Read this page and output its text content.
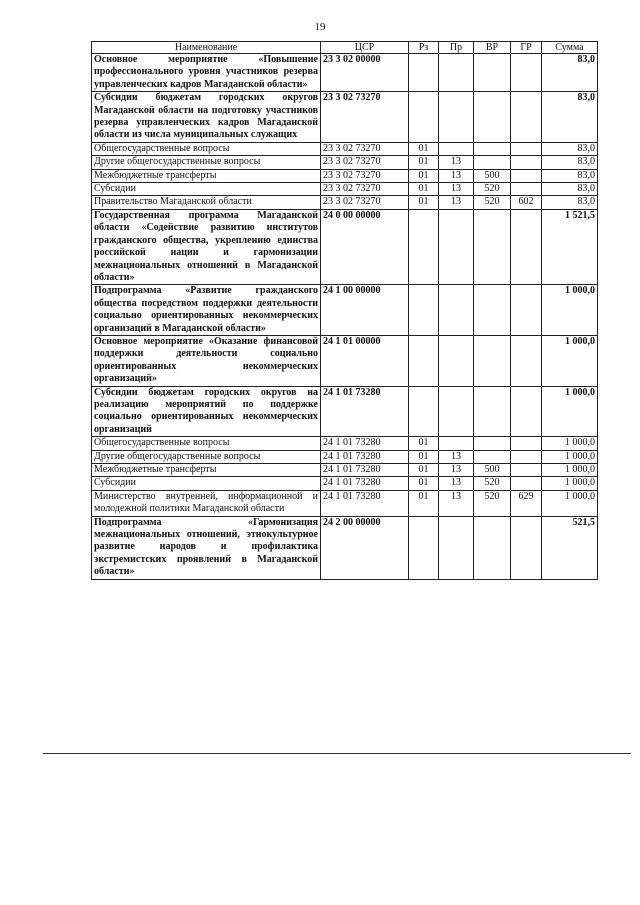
19
Наименование	ЦСР	Рз	Пр	ВР	ГР	Сумма
Основное мероприятие «Повышение профессионального уровня участников резерва управленческих кадров Магаданской области»	23 3 02 00000					83,0
Субсидии бюджетам городских округов Магаданской области на подготовку участников резерва управленческих кадров Магаданской области из числа муниципальных служащих	23 3 02 73270					83,0
Общегосударственные вопросы	23 3 02 73270	01				83,0
Другие общегосударственные вопросы	23 3 02 73270	01	13			83,0
Межбюджетные трансферты	23 3 02 73270	01	13	500		83,0
Субсидии	23 3 02 73270	01	13	520		83,0
Правительство Магаданской области	23 3 02 73270	01	13	520	602	83,0
Государственная программа Магаданской области «Содействие развитию институтов гражданского общества, укреплению единства российской нации и гармонизации межнациональных отношений в Магаданской области»	24 0 00 00000					1 521,5
Подпрограмма «Развитие гражданского общества посредством поддержки деятельности социально ориентированных некоммерческих организаций в Магаданской области»	24 1 00 00000					1 000,0
Основное мероприятие «Оказание финансовой поддержки деятельности социально ориентированных некоммерческих организаций»	24 1 01 00000					1 000,0
Субсидии бюджетам городских округов на реализацию мероприятий по поддержке социально ориентированных некоммерческих организаций	24 1 01 73280					1 000,0
Общегосударственные вопросы	24 1 01 73280	01				1 000,0
Другие общегосударственные вопросы	24 1 01 73280	01	13			1 000,0
Межбюджетные трансферты	24 1 01 73280	01	13	500		1 000,0
Субсидии	24 1 01 73280	01	13	520		1 000,0
Министерство внутренней, информационной и молодежной политики Магаданской области	24 1 01 73280	01	13	520	629	1 000,0
Подпрограмма «Гармонизация межнациональных отношений, этнокультурное развитие народов и профилактика экстремистских проявлений в Магаданской области»	24 2 00 00000					521,5
